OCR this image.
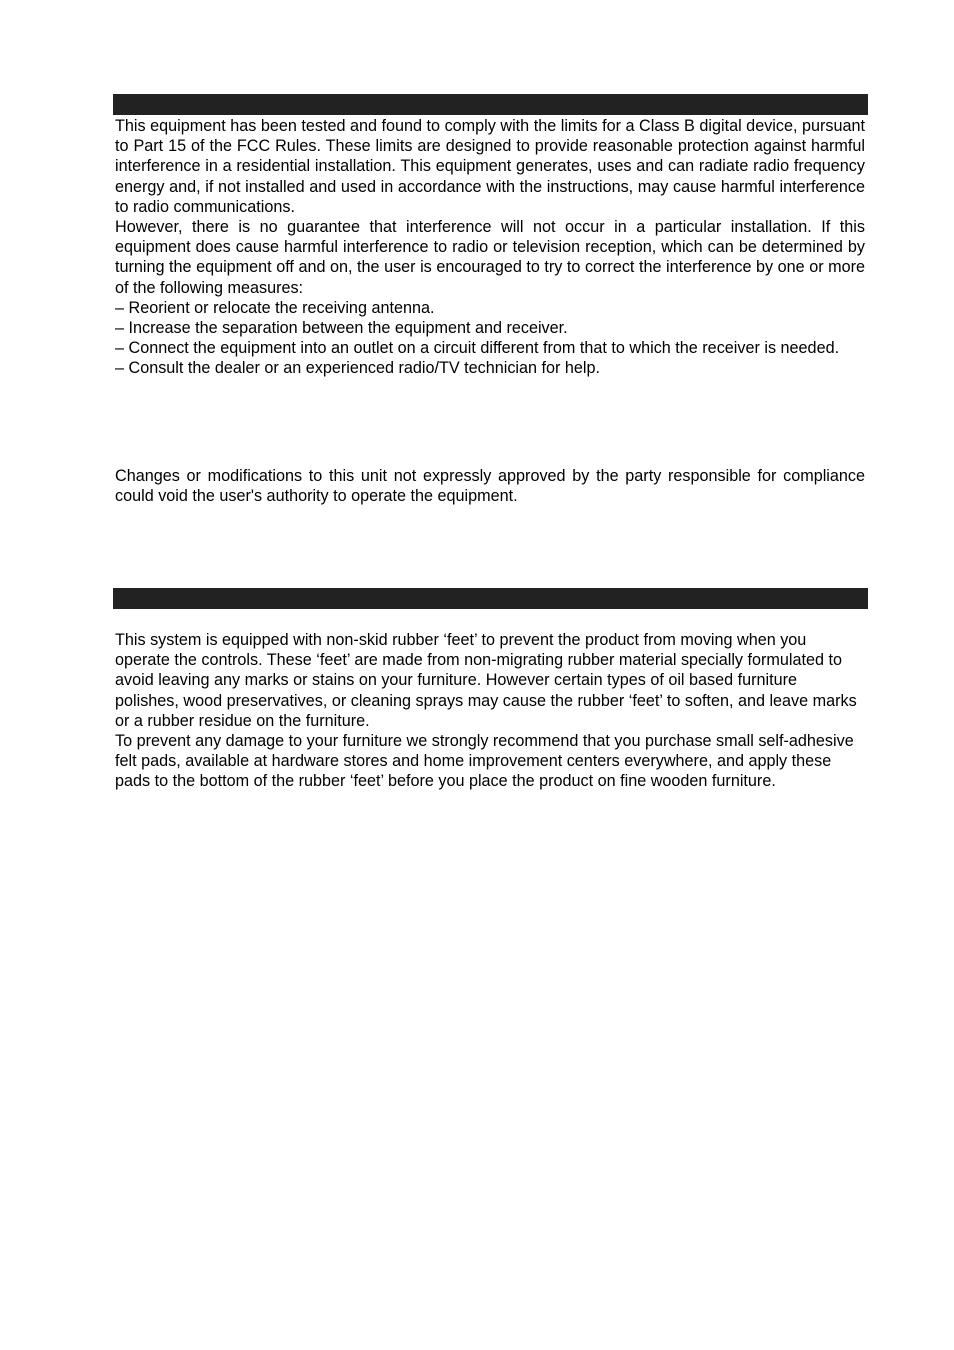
This equipment has been tested and found to comply with the limits for a Class B digital device, pursuant to Part 15 of the FCC Rules. These limits are designed to provide reasonable protection against harmful interference in a residential installation. This equipment generates, uses and can radiate radio frequency energy and, if not installed and used in accordance with the instructions, may cause harmful interference to radio communications.

However, there is no guarantee that interference will not occur in a particular installation. If this equipment does cause harmful interference to radio or television reception, which can be determined by turning the equipment off and on, the user is encouraged to try to correct the interference by one or more of the following measures:

– Reorient or relocate the receiving antenna.

– Increase the separation between the equipment and receiver.

– Connect the equipment into an outlet on a circuit different from that to which the receiver is needed.

– Consult the dealer or an experienced radio/TV technician for help.

Changes or modifications to this unit not expressly approved by the party responsible for compliance could void the user's authority to operate the equipment.

This system is equipped with non-skid rubber ‘feet’ to prevent the product from moving when you operate the controls. These ‘feet’ are made from non-migrating rubber material specially formulated to avoid leaving any marks or stains on your furniture. However certain types of oil based furniture polishes, wood preservatives, or cleaning sprays may cause the rubber ‘feet’ to soften, and leave marks or a rubber residue on the furniture.

To prevent any damage to your furniture we strongly recommend that you purchase small self-adhesive felt pads, available at hardware stores and home improvement centers everywhere, and apply these pads to the bottom of the rubber ‘feet’ before you place the product on fine wooden furniture.
